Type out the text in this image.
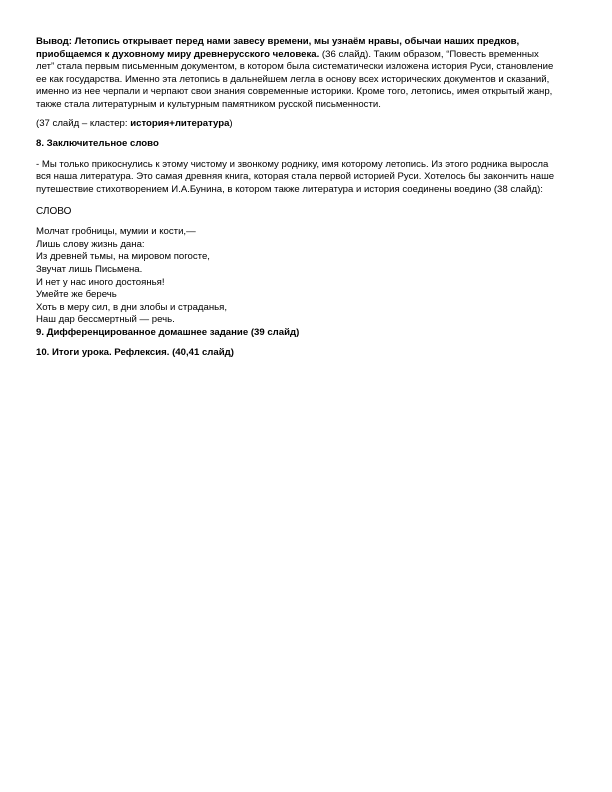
Вывод: Летопись открывает перед нами завесу времени, мы узнаём нравы, обычаи наших предков, приобщаемся к духовному миру древнерусского человека. (36 слайд). Таким образом, “Повесть временных лет” стала первым письменным документом, в котором была систематически изложена история Руси, становление ее как государства. Именно эта летопись в дальнейшем легла в основу всех исторических документов и сказаний, именно из нее черпали и черпают свои знания современные историки. Кроме того, летопись, имея открытый жанр, также стала литературным и культурным памятником русской письменности.

(37 слайд – кластер: история+литература)

8. Заключительное слово

- Мы только прикоснулись к этому чистому и звонкому роднику, имя которому летопись. Из этого родника выросла вся наша литература. Это самая древняя книга, которая стала первой историей Руси. Хотелось бы закончить наше путешествие стихотворением И.А.Бунина, в котором также литература и история соединены воедино (38 слайд):

СЛОВО

Молчат гробницы, мумии и кости,—
Лишь слову жизнь дана:
Из древней тьмы, на мировом погосте,
Звучат лишь Письмена.
И нет у нас иного достоянья!
Умейте же беречь
Хоть в меру сил, в дни злобы и страданья,
Наш дар бессмертный — речь.

9. Дифференцированное домашнее задание (39 слайд)

10. Итоги урока. Рефлексия. (40,41 слайд)
